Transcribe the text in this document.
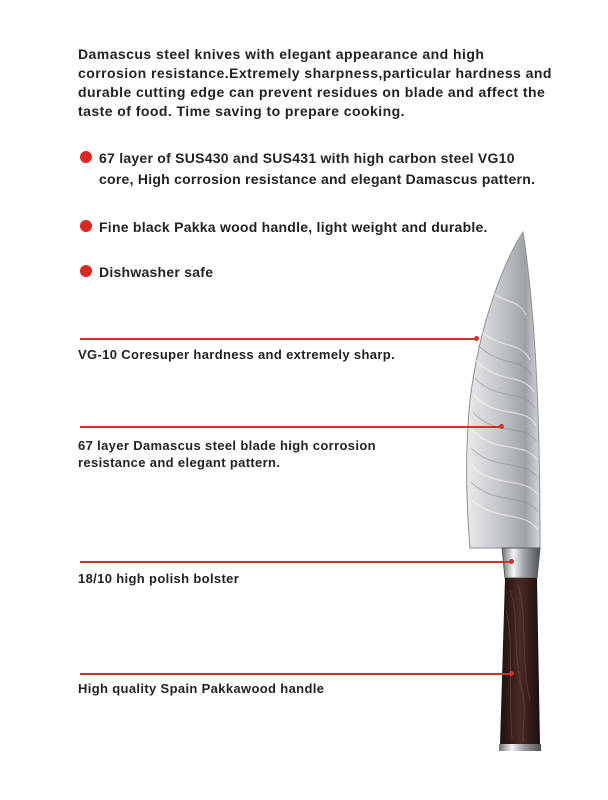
Damascus steel knives with elegant appearance and high corrosion resistance.Extremely sharpness,particular hardness and durable cutting edge can prevent residues on blade and affect the taste of food. Time saving to prepare cooking.

67 layer of SUS430 and SUS431 with high carbon steel VG10
core, High corrosion resistance and elegant Damascus pattern.
Fine black Pakka wood handle, light weight and durable.
Dishwasher safe
VG-10 Coresuper hardness and extremely sharp.
67 layer Damascus steel blade high corrosion
resistance and elegant pattern.
18/10 high polish bolster
High quality Spain Pakkawood handle
